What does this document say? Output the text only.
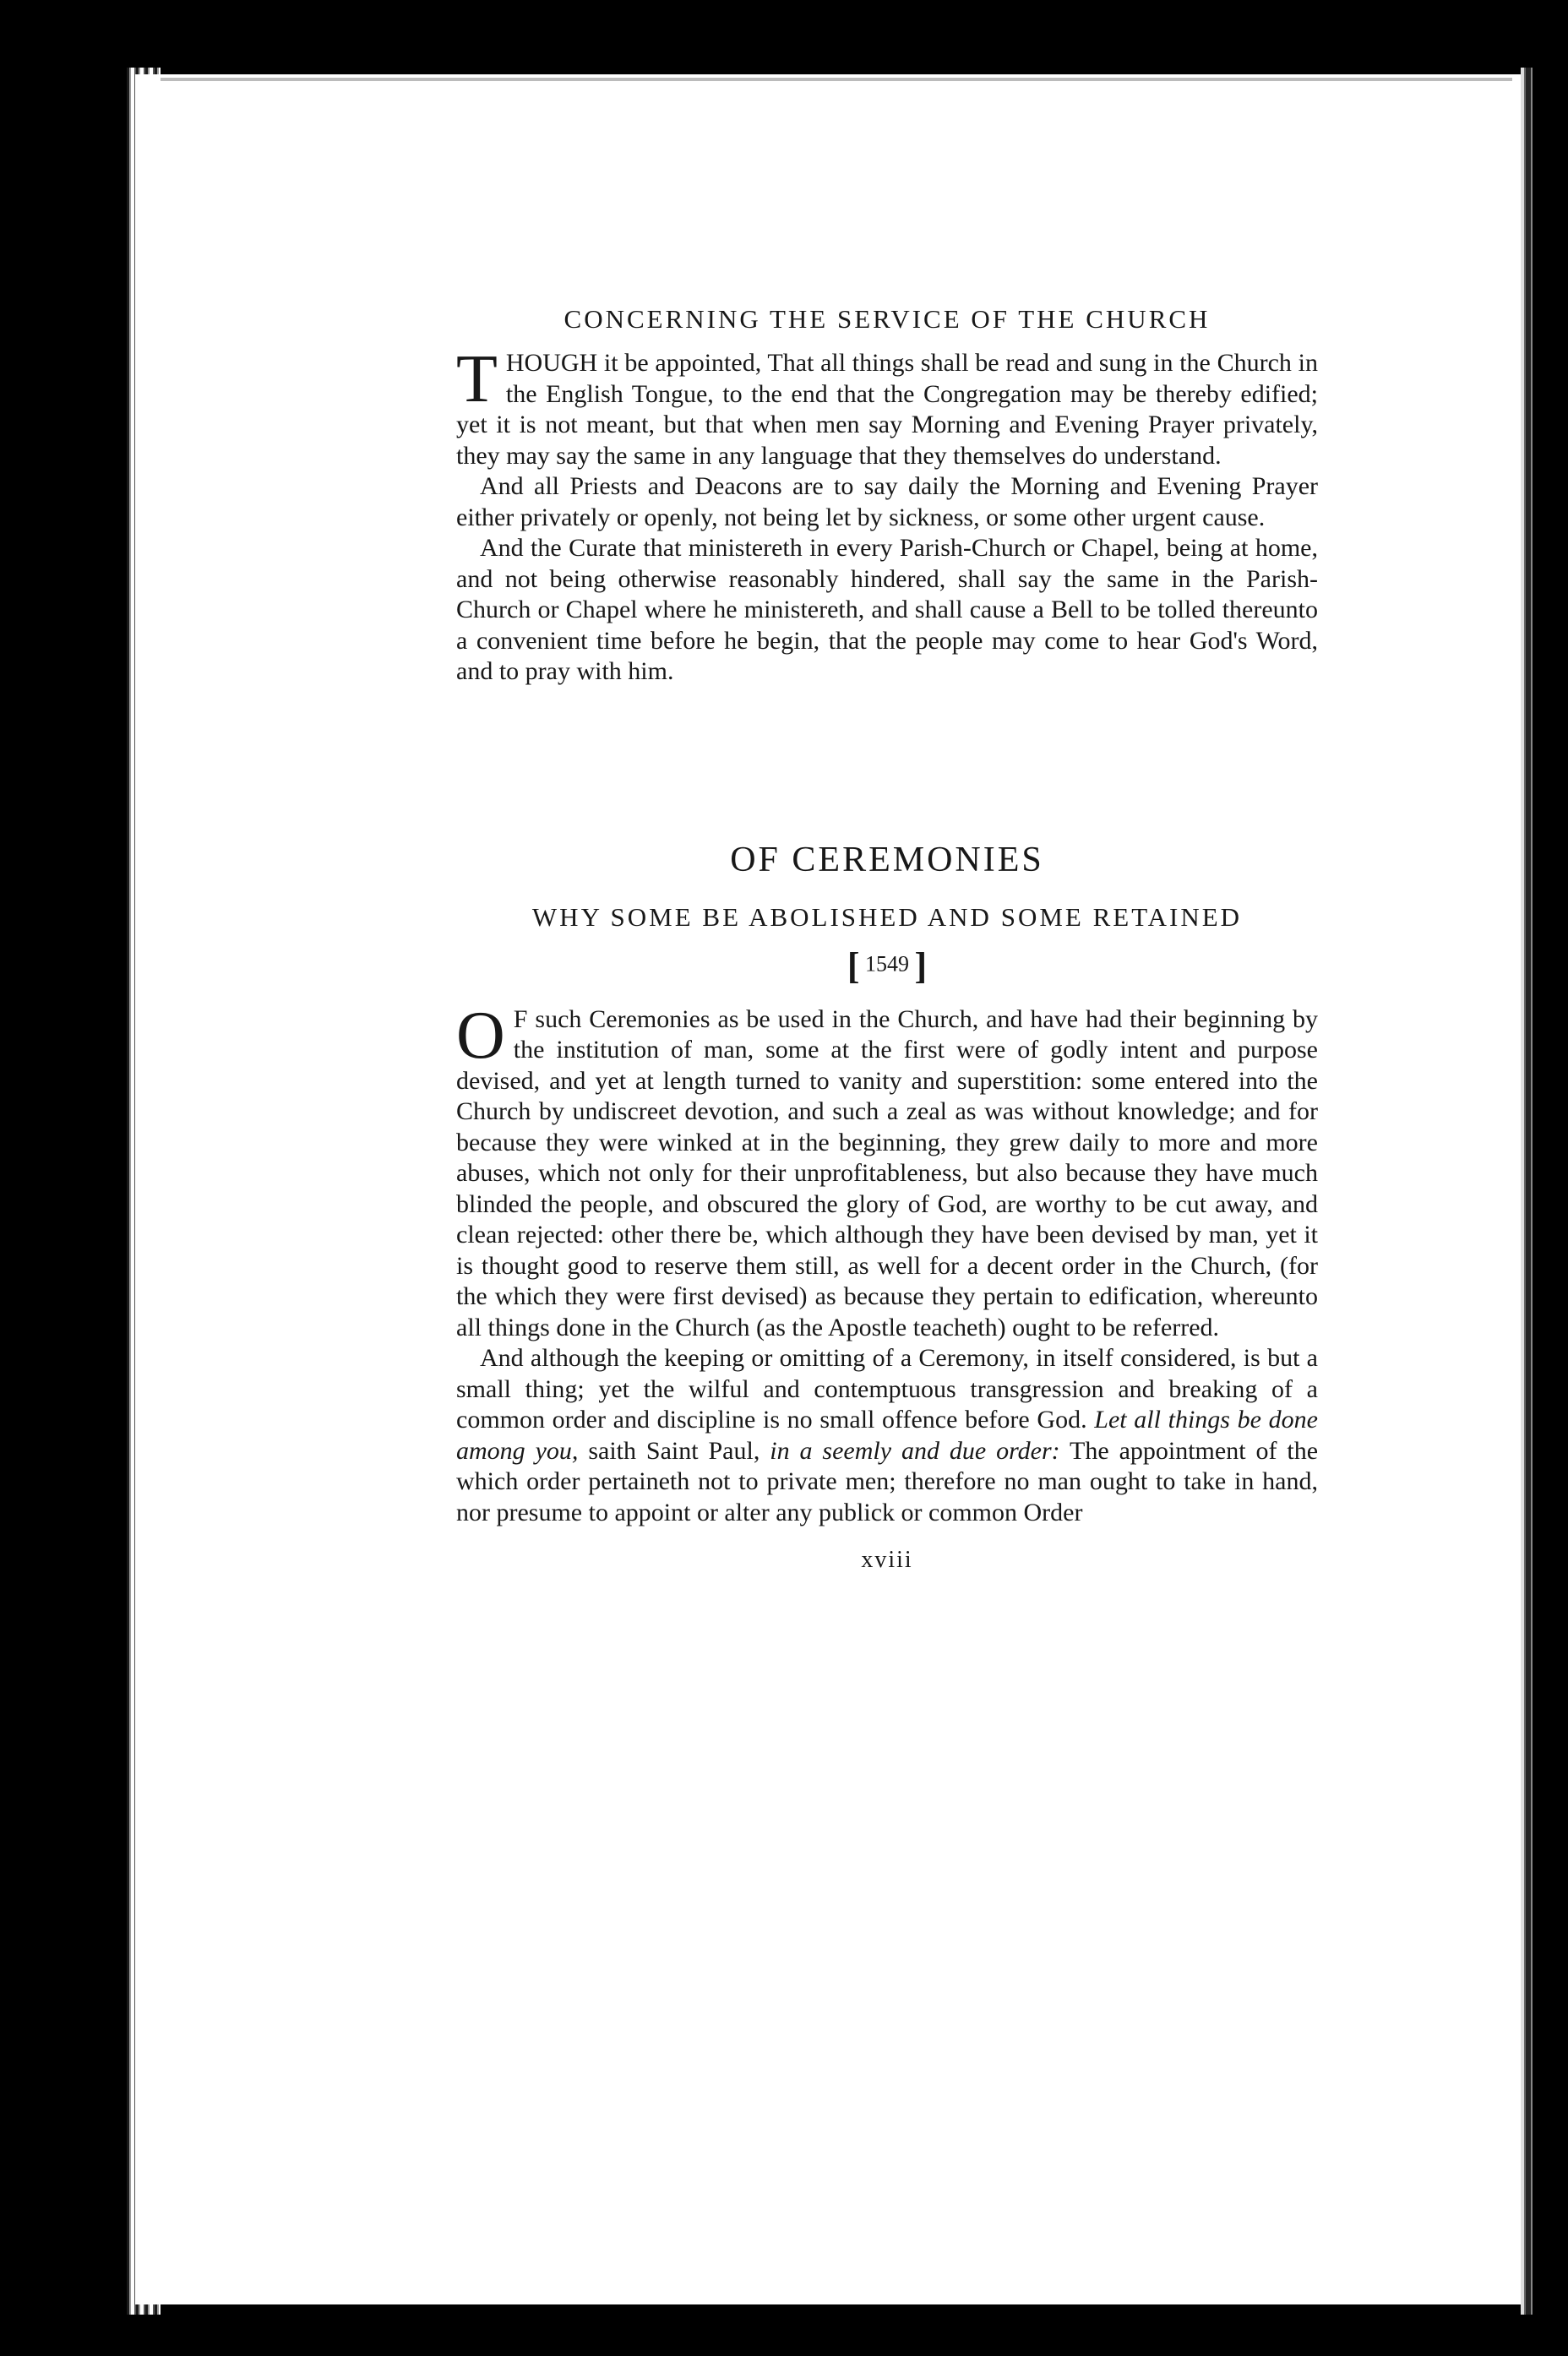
CONCERNING THE SERVICE OF THE CHURCH

THOUGH it be appointed, That all things shall be read and sung in the Church in the English Tongue, to the end that the Congregation may be thereby edified; yet it is not meant, but that when men say Morning and Evening Prayer privately, they may say the same in any language that they themselves do understand.

And all Priests and Deacons are to say daily the Morning and Evening Prayer either privately or openly, not being let by sickness, or some other urgent cause.

And the Curate that ministereth in every Parish-Church or Chapel, being at home, and not being otherwise reasonably hindered, shall say the same in the Parish-Church or Chapel where he ministereth, and shall cause a Bell to be tolled thereunto a convenient time before he begin, that the people may come to hear God's Word, and to pray with him.

OF CEREMONIES
WHY SOME BE ABOLISHED AND SOME RETAINED
[ 1549 ]

O F such Ceremonies as be used in the Church, and have had their beginning by the institution of man, some at the first were of godly intent and purpose devised, and yet at length turned to vanity and superstition: some entered into the Church by undiscreet devotion, and such a zeal as was without knowledge; and for because they were winked at in the beginning, they grew daily to more and more abuses, which not only for their unprofitableness, but also because they have much blinded the people, and obscured the glory of God, are worthy to be cut away, and clean rejected: other there be, which although they have been devised by man, yet it is thought good to reserve them still, as well for a decent order in the Church, (for the which they were first devised) as because they pertain to edification, whereunto all things done in the Church (as the Apostle teacheth) ought to be referred.

And although the keeping or omitting of a Ceremony, in itself considered, is but a small thing; yet the wilful and contemptuous transgression and breaking of a common order and discipline is no small offence before God. Let all things be done among you, saith Saint Paul, in a seemly and due order: The appointment of the which order pertaineth not to private men; therefore no man ought to take in hand, nor presume to appoint or alter any publick or common Order

xviii
